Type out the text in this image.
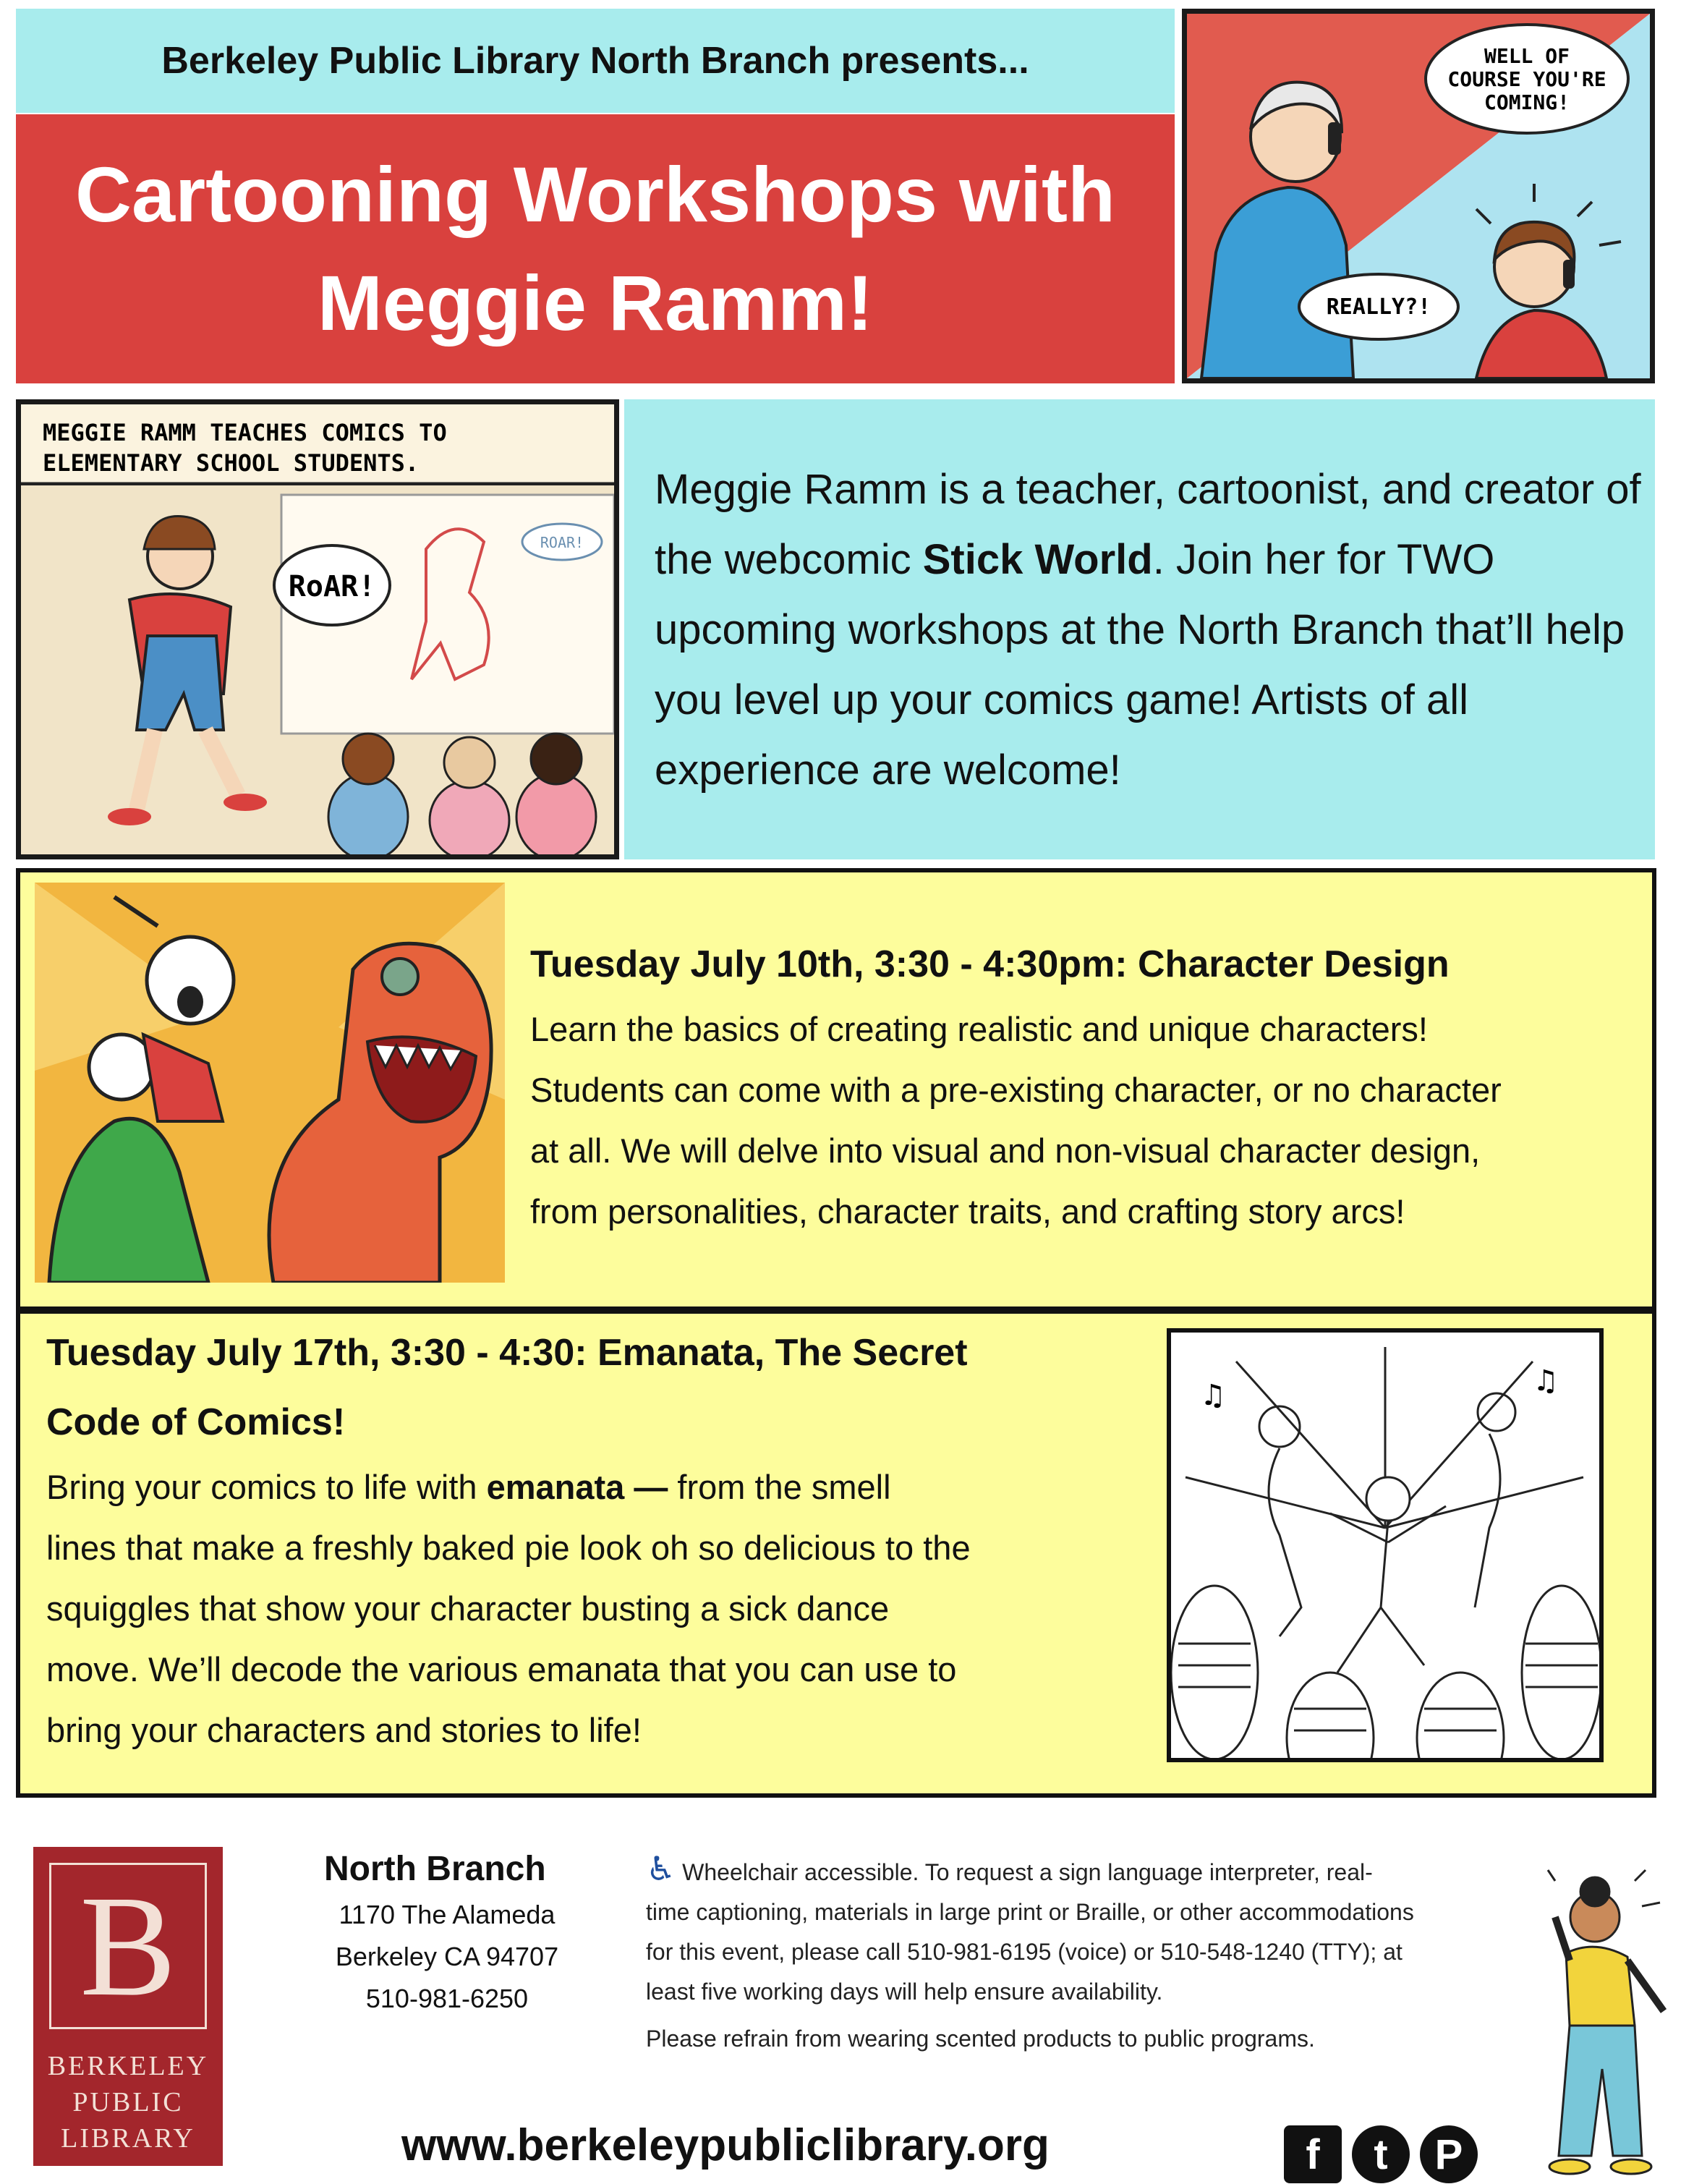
Berkeley Public Library North Branch presents...
Cartooning Workshops with
Meggie Ramm!
WELL OF
COURSE YOU'RE
COMING!
REALLY?!
MEGGIE RAMM TEACHES COMICS TO
ELEMENTARY SCHOOL STUDENTS.
RoAR!
ROAR!
Meggie Ramm is a teacher, cartoonist, and creator of the webcomic Stick World. Join her for TWO upcoming workshops at the North Branch that’ll help you level up your comics game! Artists of all experience are welcome!
Tuesday July 10th, 3:30 - 4:30pm: Character Design
Learn the basics of creating realistic and unique characters!
Students can come with a pre-existing character, or no character
at all. We will delve into visual and non-visual character design,
from personalities, character traits, and crafting story arcs!
Tuesday July 17th, 3:30 - 4:30: Emanata, The Secret
Code of Comics!
Bring your comics to life with emanata — from the smell
lines that make a freshly baked pie look oh so delicious to the
squiggles that show your character busting a sick dance
move. We’ll decode the various emanata that you can use to
bring your characters and stories to life!
♫	♫
B
BERKELEY
PUBLIC
LIBRARY
North Branch
1170 The Alameda
Berkeley CA 94707
510-981-6250
♿ Wheelchair accessible. To request a sign language interpreter, real-
time captioning, materials in large print or Braille, or other accommodations
for this event, please call 510-981-6195 (voice) or 510-548-1240 (TTY); at
least five working days will help ensure availability.
Please refrain from wearing scented products to public programs.
www.berkeleypubliclibrary.org	f	t	P
